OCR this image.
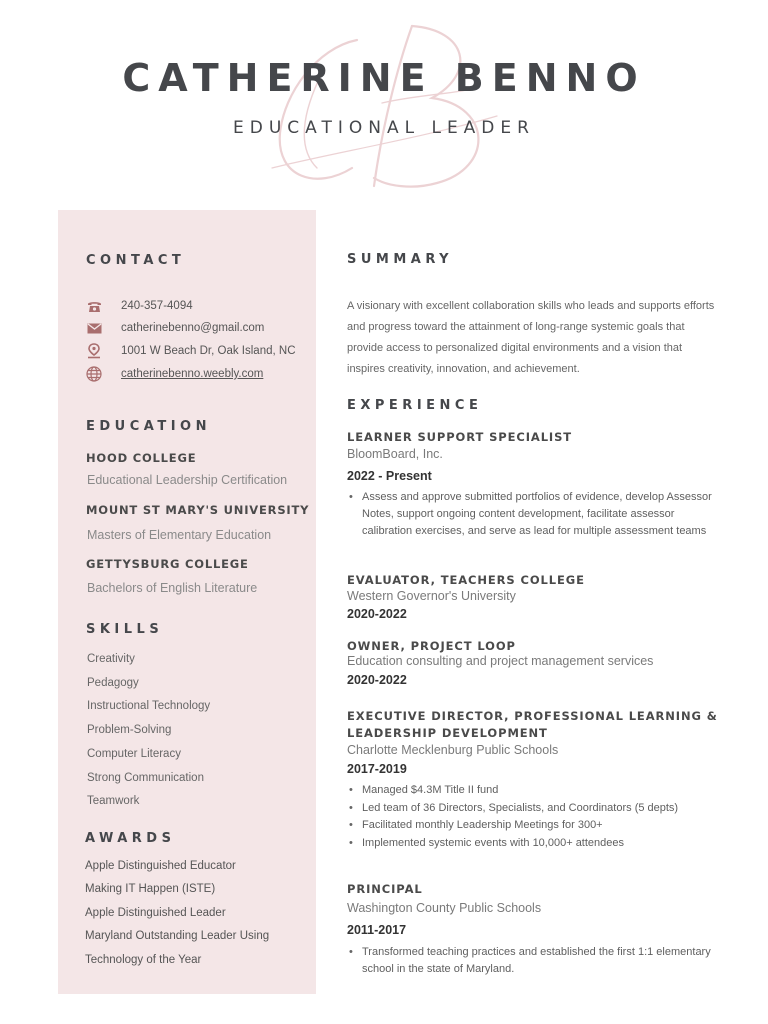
CATHERINE BENNO
EDUCATIONAL LEADER
CONTACT
240-357-4094
catherinebenno@gmail.com
1001 W Beach Dr, Oak Island, NC
catherinebenno.weebly.com
EDUCATION
HOOD COLLEGE
Educational Leadership Certification
MOUNT ST MARY'S UNIVERSITY
Masters of Elementary Education
GETTYSBURG COLLEGE
Bachelors of English Literature
SKILLS
Creativity
Pedagogy
Instructional Technology
Problem-Solving
Computer Literacy
Strong Communication
Teamwork
AWARDS
Apple Distinguished Educator
Making IT Happen (ISTE)
Apple Distinguished Leader
Maryland Outstanding Leader Using
Technology of the Year
SUMMARY
A visionary with excellent collaboration skills who leads and supports efforts and progress toward the attainment of long-range systemic goals that provide access to personalized digital environments and a vision that inspires creativity, innovation, and achievement.
EXPERIENCE
LEARNER SUPPORT SPECIALIST
BloomBoard, Inc.
2022 - Present
• Assess and approve submitted portfolios of evidence, develop Assessor Notes, support ongoing content development, facilitate assessor calibration exercises, and serve as lead for multiple assessment teams
EVALUATOR, TEACHERS COLLEGE
Western Governor's University
2020-2022
OWNER, PROJECT LOOP
Education consulting and project management services
2020-2022
EXECUTIVE DIRECTOR, PROFESSIONAL LEARNING &
LEADERSHIP DEVELOPMENT
Charlotte Mecklenburg Public Schools
2017-2019
• Managed $4.3M Title II fund
• Led team of 36 Directors, Specialists, and Coordinators (5 depts)
• Facilitated monthly Leadership Meetings for 300+
• Implemented systemic events with 10,000+ attendees
PRINCIPAL
Washington County Public Schools
2011-2017
• Transformed teaching practices and established the first 1:1 elementary school in the state of Maryland.
